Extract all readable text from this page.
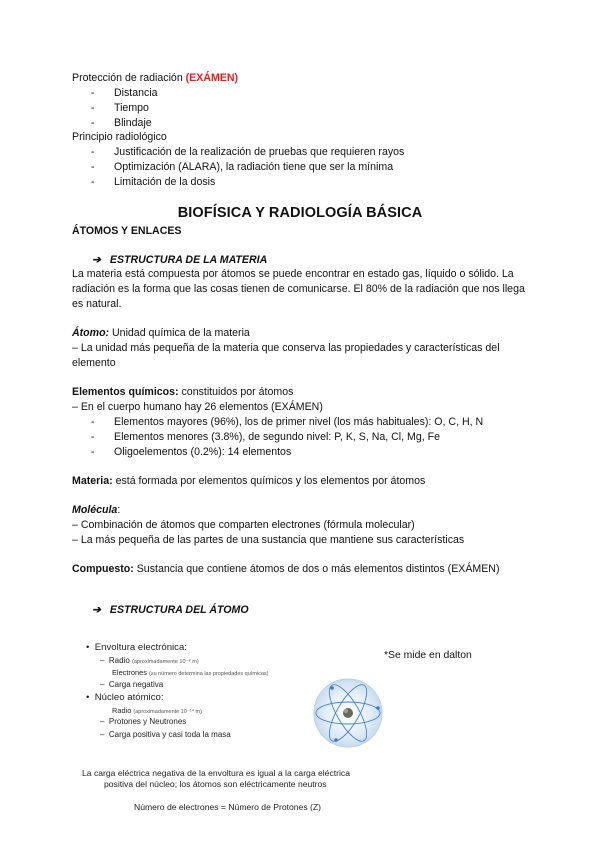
Protección de radiación (EXÁMEN)
- Distancia
- Tiempo
- Blindaje
Principio radiológico
- Justificación de la realización de pruebas que requieren rayos
- Optimización (ALARA), la radiación tiene que ser la mínima
- Limitación de la dosis
BIOFÍSICA Y RADIOLOGÍA BÁSICA
ÁTOMOS Y ENLACES
➔ ESTRUCTURA DE LA MATERIA
La materia está compuesta por átomos se puede encontrar en estado gas, líquido o sólido. La radiación es la forma que las cosas tienen de comunicarse. El 80% de la radiación que nos llega es natural.
Átomo: Unidad química de la materia
– La unidad más pequeña de la materia que conserva las propiedades y características del
elemento
Elementos químicos: constituidos por átomos
– En el cuerpo humano hay 26 elementos (EXÁMEN)
- Elementos mayores (96%), los de primer nivel (los más habituales): O, C, H, N
- Elementos menores (3.8%), de segundo nivel: P, K, S, Na, Cl, Mg, Fe
- Oligoelementos (0.2%): 14 elementos
Materia: está formada por elementos químicos y los elementos por átomos
Molécula:
– Combinación de átomos que comparten electrones (fórmula molecular)
– La más pequeña de las partes de una sustancia que mantiene sus características
Compuesto: Sustancia que contiene átomos de dos o más elementos distintos (EXÁMEN)
➔ ESTRUCTURA DEL ÁTOMO
*Se mide en dalton
•  Envoltura electrónica:
–  Radio (aproximadamente 10⁻⁸ m)
Electrones (su número determina las propiedades químicas)
–  Carga negativa
•  Núcleo atómico:
Radio (aproximadamente 10⁻¹⁴ m)
–  Protones y Neutrones
–  Carga positiva y casi toda la masa
La carga eléctrica negativa de la envoltura es igual a la carga eléctrica
positiva del núcleo; los átomos son eléctricamente neutros
Número de electrones = Número de Protones (Z)
